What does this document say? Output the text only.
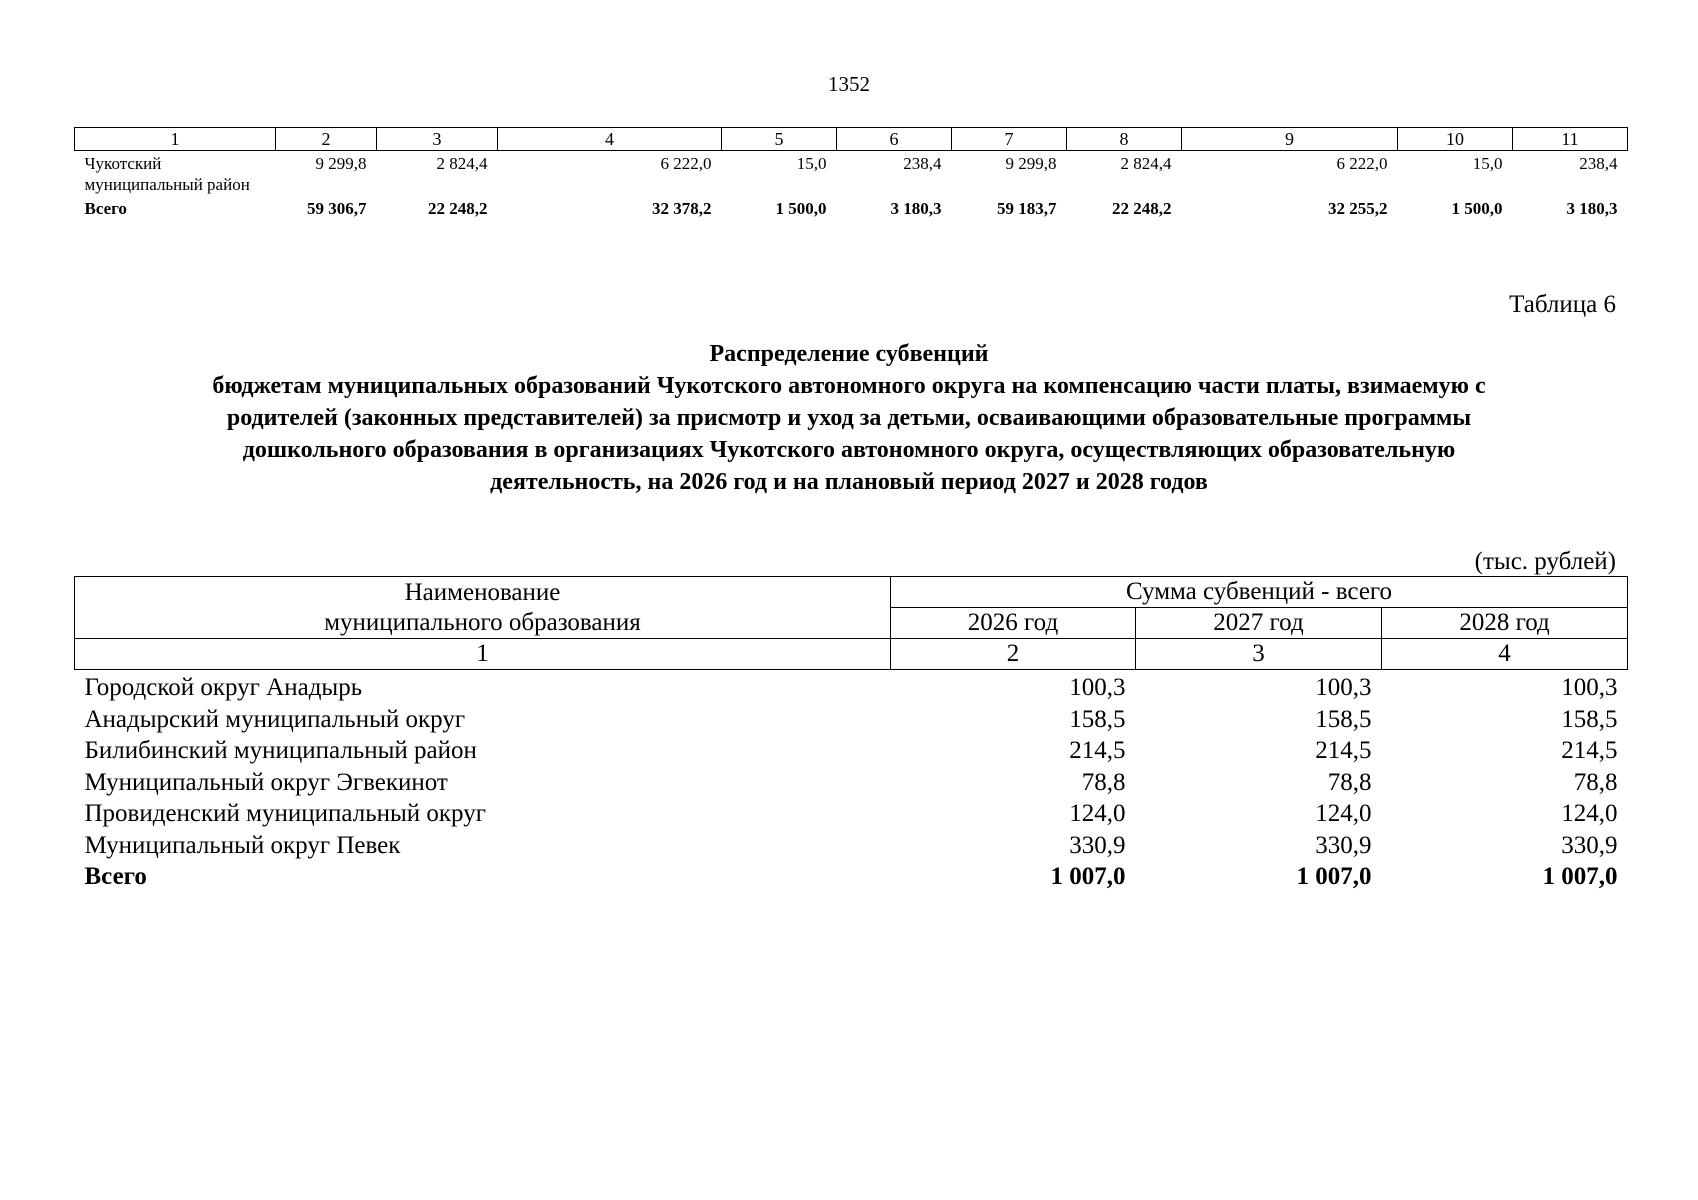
1352
1	2	3	4	5	6	7	8	9	10	11
Чукотский муниципальный район	9 299,8	2 824,4	6 222,0	15,0	238,4	9 299,8	2 824,4	6 222,0	15,0	238,4
Всего	59 306,7	22 248,2	32 378,2	1 500,0	3 180,3	59 183,7	22 248,2	32 255,2	1 500,0	3 180,3
Таблица 6
Распределение субвенций
бюджетам муниципальных образований Чукотского автономного округа на компенсацию части платы, взимаемую с
родителей (законных представителей) за присмотр и уход за детьми, осваивающими образовательные программы
дошкольного образования в организациях Чукотского автономного округа, осуществляющих образовательную
деятельность, на 2026 год и на плановый период 2027 и 2028 годов
(тыс. рублей)
Наименование
муниципального образования	Сумма субвенций - всего		
	2026 год	2027 год	2028 год
1	2	3	4
Городской округ Анадырь	100,3	100,3	100,3
Анадырский муниципальный округ	158,5	158,5	158,5
Билибинский муниципальный район	214,5	214,5	214,5
Муниципальный округ Эгвекинот	78,8	78,8	78,8
Провиденский муниципальный округ	124,0	124,0	124,0
Муниципальный округ Певек	330,9	330,9	330,9
Всего	1 007,0	1 007,0	1 007,0
